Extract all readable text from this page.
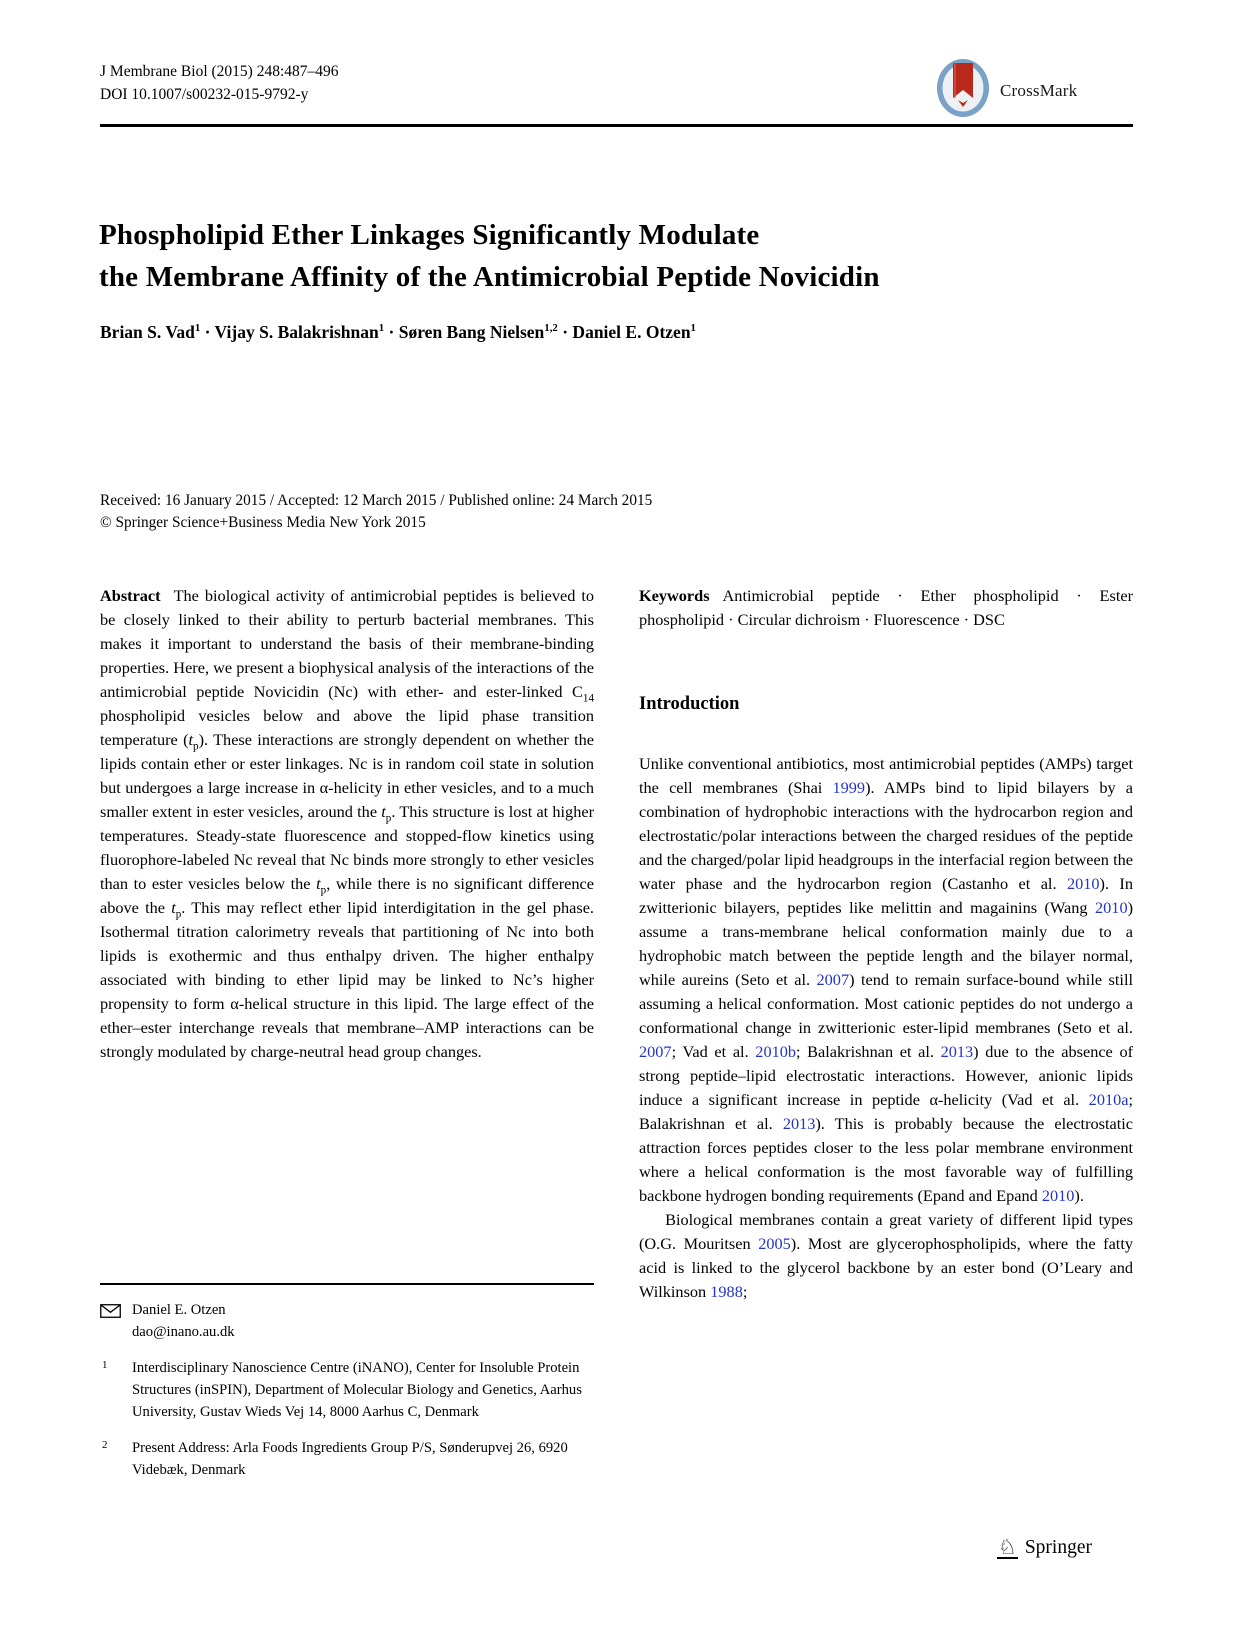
J Membrane Biol (2015) 248:487–496
DOI 10.1007/s00232-015-9792-y	CrossMark
Phospholipid Ether Linkages Significantly Modulate
the Membrane Affinity of the Antimicrobial Peptide Novicidin
Brian S. Vad$^1$ · Vijay S. Balakrishnan$^1$ · Søren Bang Nielsen$^{1,2}$ · Daniel E. Otzen$^1$
Received: 16 January 2015 / Accepted: 12 March 2015 / Published online: 24 March 2015
© Springer Science+Business Media New York 2015
Abstract The biological activity of antimicrobial peptides is believed to be closely linked to their ability to perturb bacterial membranes. This makes it important to understand the basis of their membrane-binding properties. Here, we present a biophysical analysis of the interactions of the antimicrobial peptide Novicidin (Nc) with ether- and ester-linked $C_{14}$ phospholipid vesicles below and above the lipid phase transition temperature $(t_p)$. These interactions are strongly dependent on whether the lipids contain ether or ester linkages. Nc is in random coil state in solution but undergoes a large increase in α-helicity in ether vesicles, and to a much smaller extent in ester vesicles, around the $t_p$. This structure is lost at higher temperatures. Steady-state fluorescence and stopped-flow kinetics using fluorophore-labeled Nc reveal that Nc binds more strongly to ether vesicles than to ester vesicles below the $t_p$, while there is no significant difference above the $t_p$. This may reflect ether lipid interdigitation in the gel phase. Isothermal titration calorimetry reveals that partitioning of Nc into both lipids is exothermic and thus enthalpy driven. The higher enthalpy associated with binding to ether lipid may be linked to Nc’s higher propensity to form α-helical structure in this lipid. The large effect of the ether–ester interchange reveals that membrane–AMP interactions can be strongly modulated by charge-neutral head group changes.
Keywords Antimicrobial peptide · Ether phospholipid · Ester phospholipid · Circular dichroism · Fluorescence · DSC
Introduction
Unlike conventional antibiotics, most antimicrobial peptides (AMPs) target the cell membranes (Shai 1999). AMPs bind to lipid bilayers by a combination of hydrophobic interactions with the hydrocarbon region and electrostatic/polar interactions between the charged residues of the peptide and the charged/polar lipid headgroups in the interfacial region between the water phase and the hydrocarbon region (Castanho et al. 2010). In zwitterionic bilayers, peptides like melittin and magainins (Wang 2010) assume a trans-membrane helical conformation mainly due to a hydrophobic match between the peptide length and the bilayer normal, while aureins (Seto et al. 2007) tend to remain surface-bound while still assuming a helical conformation. Most cationic peptides do not undergo a conformational change in zwitterionic ester-lipid membranes (Seto et al. 2007; Vad et al. 2010b; Balakrishnan et al. 2013) due to the absence of strong peptide–lipid electrostatic interactions. However, anionic lipids induce a significant increase in peptide α-helicity (Vad et al. 2010a; Balakrishnan et al. 2013). This is probably because the electrostatic attraction forces peptides closer to the less polar membrane environment where a helical conformation is the most favorable way of fulfilling backbone hydrogen bonding requirements (Epand and Epand 2010).
Biological membranes contain a great variety of different lipid types (O.G. Mouritsen 2005). Most are glycerophospholipids, where the fatty acid is linked to the glycerol backbone by an ester bond (O’Leary and Wilkinson 1988;
Daniel E. Otzen
dao@inano.au.dk
1 Interdisciplinary Nanoscience Centre (iNANO), Center for Insoluble Protein Structures (inSPIN), Department of Molecular Biology and Genetics, Aarhus University, Gustav Wieds Vej 14, 8000 Aarhus C, Denmark
2 Present Address: Arla Foods Ingredients Group P/S, Sønderupvej 26, 6920 Videbæk, Denmark
♘ Springer
